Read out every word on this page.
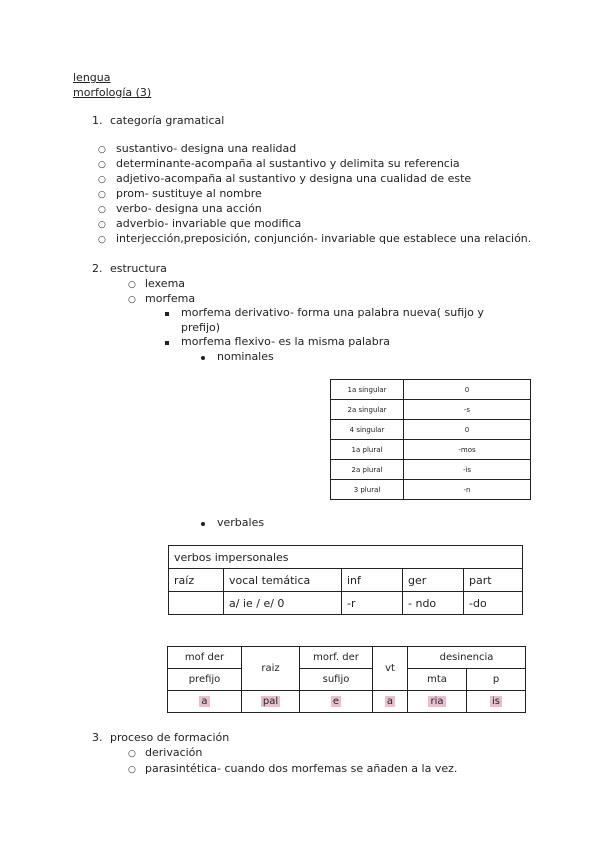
lengua
morfología (3)
1. categoría gramatical
○ sustantivo- designa una realidad
○ determinante-acompaña al sustantivo y delimita su referencia
○ adjetivo-acompaña al sustantivo y designa una cualidad de este
○ prom- sustituye al nombre
○ verbo- designa una acción
○ adverbio- invariable que modifica
○ interjección,preposición, conjunción- invariable que establece una relación.
2. estructura
○ lexema
○ morfema
morfema derivativo- forma una palabra nueva( sufijo y
prefijo)
morfema flexivo- es la misma palabra
nominales
1a singular	0
2a singular	-s
4 singular	0
1a plural	-mos
2a plural	-is
3 plural	-n
verbales
verbos impersonales				
raíz	vocal temática	inf	ger	part
	a/ ie / e/ 0	-r	- ndo	-do
mof der	raiz	morf. der	vt	desinencia	
prefijo		sufijo		mta	p
a	pal	e	a	ria	is
3. proceso de formación
○ derivación
○ parasintética- cuando dos morfemas se añaden a la vez.
